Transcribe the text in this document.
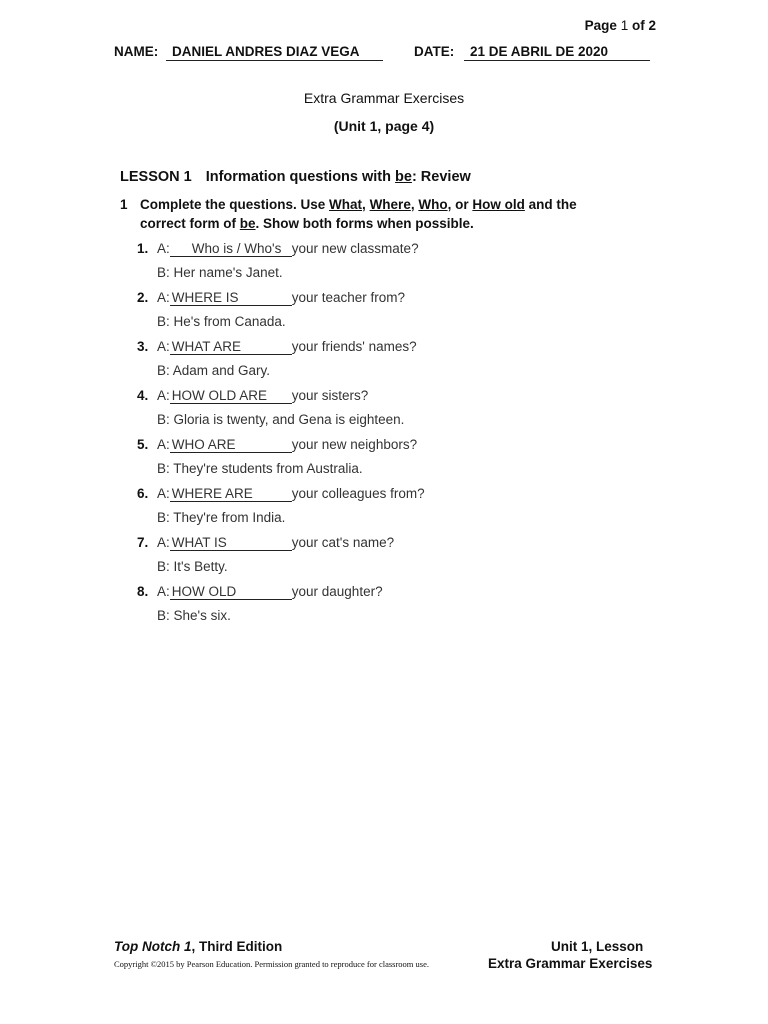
Page 1 of 2
NAME:	DANIEL ANDRES DIAZ VEGA	DATE:	21 DE ABRIL DE 2020
Extra Grammar Exercises
(Unit 1, page 4)
LESSON 1 Information questions with be: Review
1 Complete the questions. Use What, Where, Who, or How old and the
correct form of be. Show both forms when possible.
1. A: Who is / Who's your new classmate?
B: Her name's Janet.
2. A: WHERE IS	your teacher from?
B: He's from Canada.
3. A: WHAT ARE	your friends' names?
B: Adam and Gary.
4. A: HOW OLD ARE your sisters?
B: Gloria is twenty, and Gena is eighteen.
5. A: WHO ARE	your new neighbors?
B: They're students from Australia.
6. A: WHERE ARE	your colleagues from?
B: They're from India.
7. A: WHAT IS	your cat's name?
B: It's Betty.
8. A: HOW OLD	your daughter?
B: She's six.
Top Notch 1, Third Edition	Unit 1, Lesson
Copyright ©2015 by Pearson Education. Permission granted to reproduce for classroom use.	Extra Grammar Exercises
